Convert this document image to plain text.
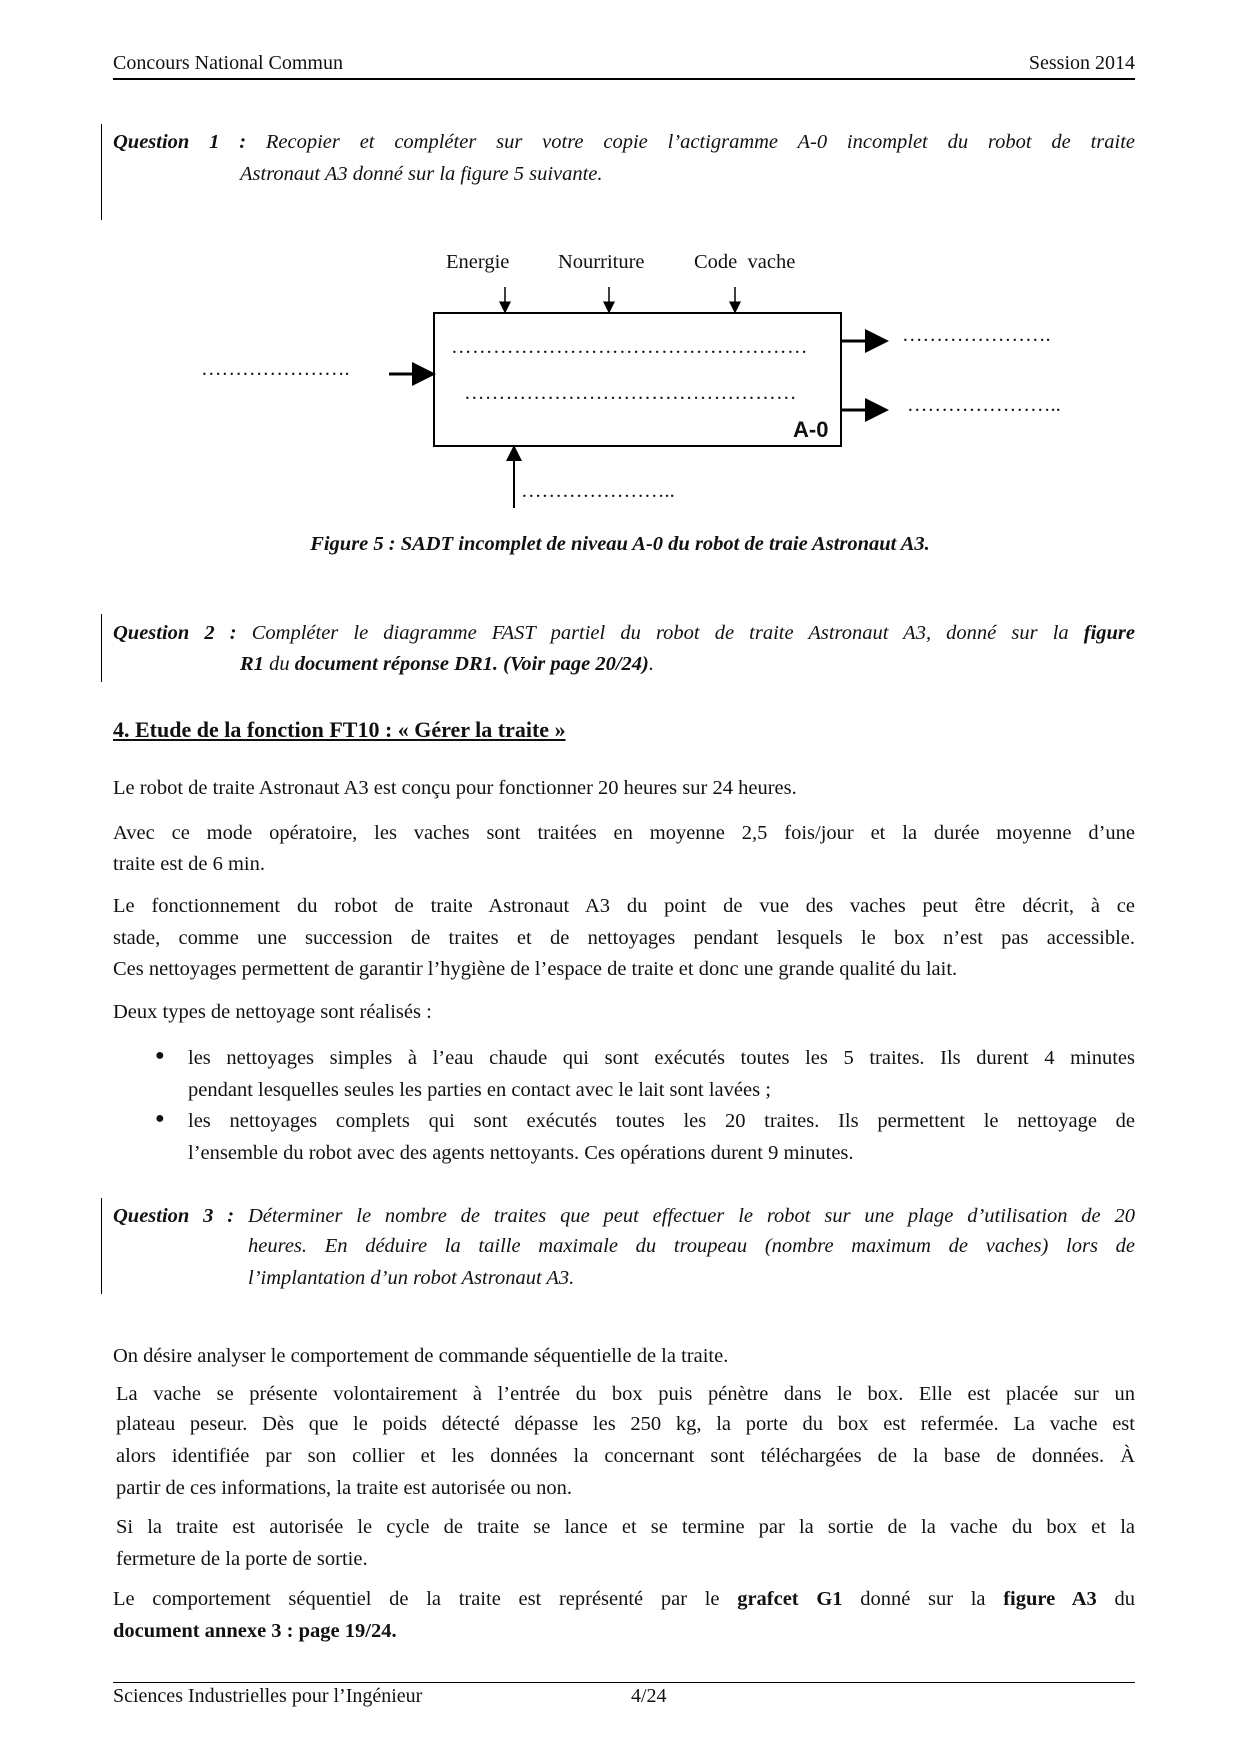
Concours National Commun	Session 2014
Question 1 : Recopier et compléter sur votre copie l’actigramme A-0 incomplet du robot de traite
Astronaut A3 donné sur la figure 5 suivante.
Question 2 : Compléter le diagramme FAST partiel du robot de traite Astronaut A3, donné sur la figure
R1 du document réponse DR1. (Voir page 20/24).
4. Etude de la fonction FT10 : « Gérer la traite »
Le robot de traite Astronaut A3 est conçu pour fonctionner 20 heures sur 24 heures.
Avec ce mode opératoire, les vaches sont traitées en moyenne 2,5 fois/jour et la durée moyenne d’une
traite est de 6 min.
Le fonctionnement du robot de traite Astronaut A3 du point de vue des vaches peut être décrit, à ce
stade, comme une succession de traites et de nettoyages pendant lesquels le box n’est pas accessible.
Ces nettoyages permettent de garantir l’hygiène de l’espace de traite et donc une grande qualité du lait.
Deux types de nettoyage sont réalisés :
les nettoyages simples à l’eau chaude qui sont exécutés toutes les 5 traites. Ils durent 4 minutes
●
pendant lesquelles seules les parties en contact avec le lait sont lavées ;
les nettoyages complets qui sont exécutés toutes les 20 traites. Ils permettent le nettoyage de
●
l’ensemble du robot avec des agents nettoyants. Ces opérations durent 9 minutes.
Question 3 : Déterminer le nombre de traites que peut effectuer le robot sur une plage d’utilisation de 20
heures. En déduire la taille maximale du troupeau (nombre maximum de vaches) lors de
l’implantation d’un robot Astronaut A3.
On désire analyser le comportement de commande séquentielle de la traite.
La vache se présente volontairement à l’entrée du box puis pénètre dans le box. Elle est placée sur un
plateau peseur. Dès que le poids détecté dépasse les 250 kg, la porte du box est refermée. La vache est
alors identifiée par son collier et les données la concernant sont téléchargées de la base de données. À
partir de ces informations, la traite est autorisée ou non.
Si la traite est autorisée le cycle de traite se lance et se termine par la sortie de la vache du box et la
fermeture de la porte de sortie.
Le comportement séquentiel de la traite est représenté par le grafcet G1 donné sur la figure A3 du
document annexe 3 : page 19/24.
Energie Nourriture Code  vache
……………………………………………
…………………………………………
A-0
………………….
………………….
…………………..
…………………..
Figure 5 : SADT incomplet de niveau A-0 du robot de traie Astronaut A3.
Sciences Industrielles pour l’Ingénieur	4/24
